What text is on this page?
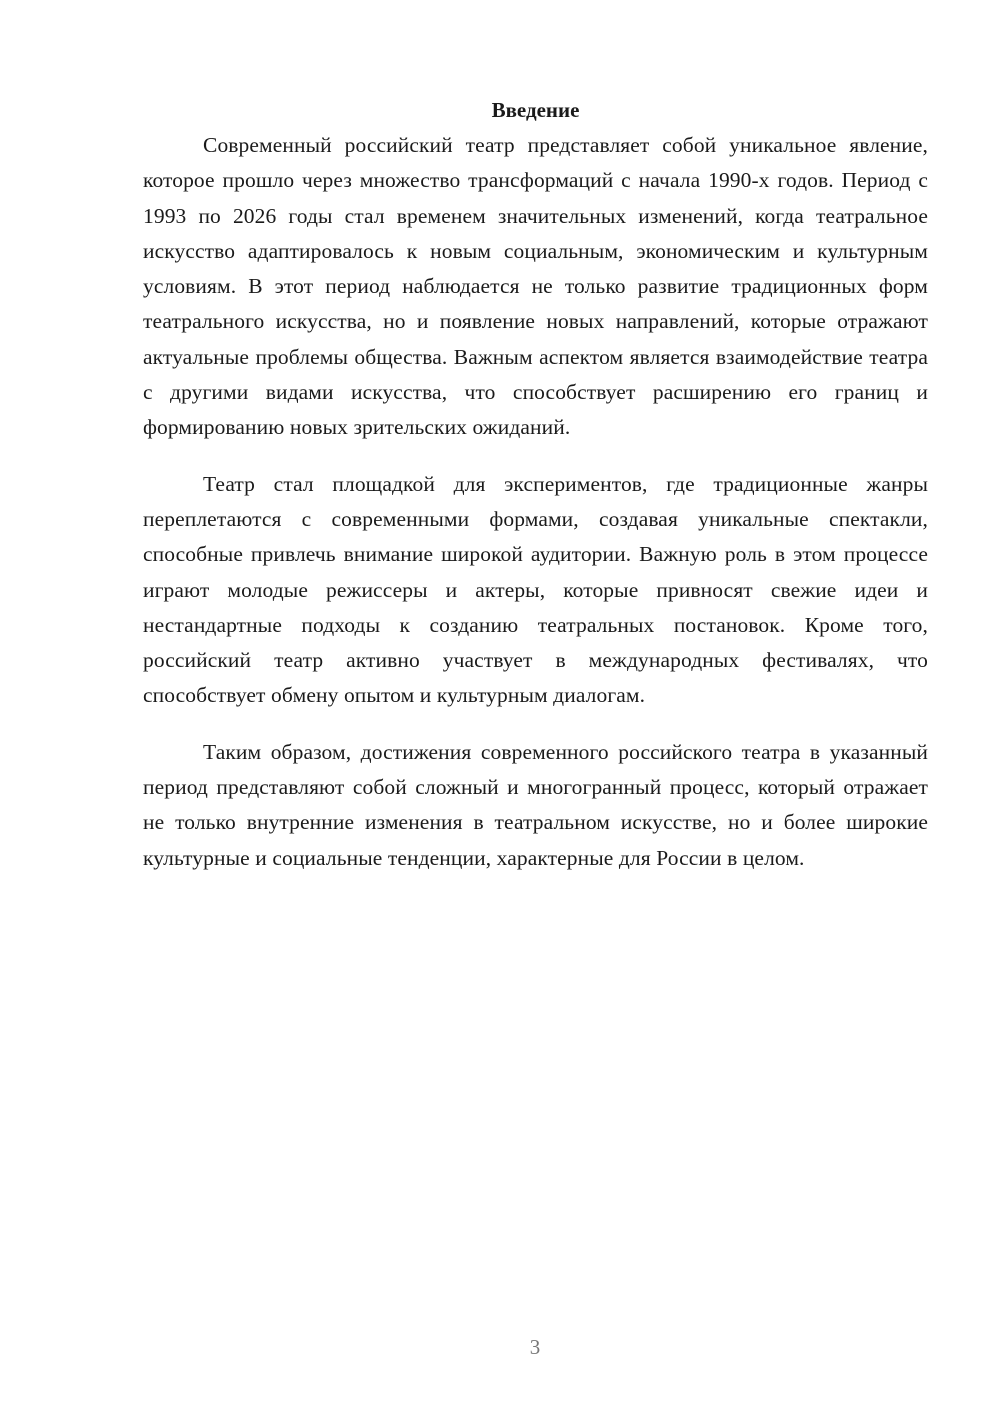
Введение

Современный российский театр представляет собой уникальное явление, которое прошло через множество трансформаций с начала 1990-х годов. Период с 1993 по 2026 годы стал временем значительных изменений, когда театральное искусство адаптировалось к новым социальным, экономическим и культурным условиям. В этот период наблюдается не только развитие традиционных форм театрального искусства, но и появление новых направлений, которые отражают актуальные проблемы общества. Важным аспектом является взаимодействие театра с другими видами искусства, что способствует расширению его границ и формированию новых зрительских ожиданий.

Театр стал площадкой для экспериментов, где традиционные жанры переплетаются с современными формами, создавая уникальные спектакли, способные привлечь внимание широкой аудитории. Важную роль в этом процессе играют молодые режиссеры и актеры, которые привносят свежие идеи и нестандартные подходы к созданию театральных постановок. Кроме того, российский театр активно участвует в международных фестивалях, что способствует обмену опытом и культурным диалогам.

Таким образом, достижения современного российского театра в указанный период представляют собой сложный и многогранный процесс, который отражает не только внутренние изменения в театральном искусстве, но и более широкие культурные и социальные тенденции, характерные для России в целом.

3
